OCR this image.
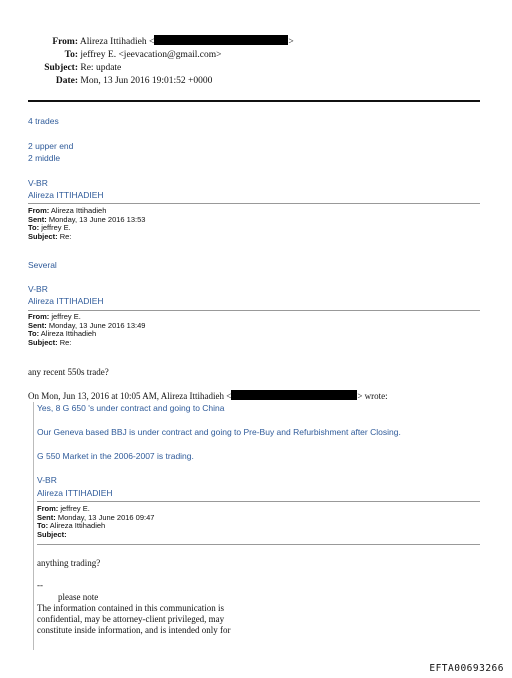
From: Alireza Ittihadieh <	>
To: jeffrey E. <jeevacation@gmail.com>
Subject: Re: update
Date: Mon, 13 Jun 2016 19:01:52 +0000
4 trades
2 upper end
2 middle
V-BR
Alireza ITTIHADIEH
From: Alireza Ittihadieh
Sent: Monday, 13 June 2016 13:53
To: jeffrey E.
Subject: Re:
Several
V-BR
Alireza ITTIHADIEH
From: jeffrey E.
Sent: Monday, 13 June 2016 13:49
To: Alireza Ittihadieh
Subject: Re:
any recent 550s trade?
On Mon, Jun 13, 2016 at 10:05 AM, Alireza Ittihadieh <	> wrote:
Yes, 8 G 650 's under contract and going to China
Our Geneva based BBJ is under contract and going to Pre-Buy and Refurbishment after Closing.
G 550 Market in the 2006-2007 is trading.
V-BR
Alireza ITTIHADIEH
From: jeffrey E.
Sent: Monday, 13 June 2016 09:47
To: Alireza Ittihadieh
Subject:
anything trading?
--
please note
The information contained in this communication is
confidential, may be attorney-client privileged, may
constitute inside information, and is intended only for
EFTA00693266
